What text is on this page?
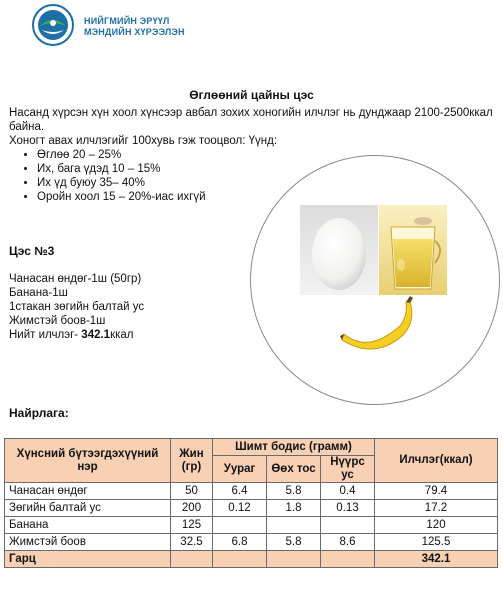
НИЙГМИЙН ЭРҮҮЛ
МЭНДИЙН ХҮРЭЭЛЭН
Өглөөний цайны цэс

Насанд хүрсэн хүн хоол хүнсээр авбал зохих хоногийн илчлэг нь дунджаар 2100-2500ккал байна.

Хоногт авах илчлэгийг 100хувь гэж тооцвол: Үүнд:

• Өглөө 20 – 25%
• Их, бага үдэд 10 – 15%
• Их үд буюу 35– 40%
• Оройн хоол 15 – 20%-иас ихгүй
Цэс №3
Чанасан өндөг-1ш (50гр)
Банана-1ш
1стакан зөгийн балтай ус
Жимстэй боов-1ш
Нийт илчлэг- 342.1ккал
Найрлага:
Хүнсний бүтээгдэхүүний нэр	Жин (гр)	Шимт бодис (грамм)			Илчлэг(ккал)
		Уураг	Өөх тос	Нүүрс ус	
Чанасан өндөг	50	6.4	5.8	0.4	79.4
Зөгийн балтай ус	200	0.12	1.8	0.13	17.2
Банана	125				120
Жимстэй боов	32.5	6.8	5.8	8.6	125.5
Гарц					342.1
